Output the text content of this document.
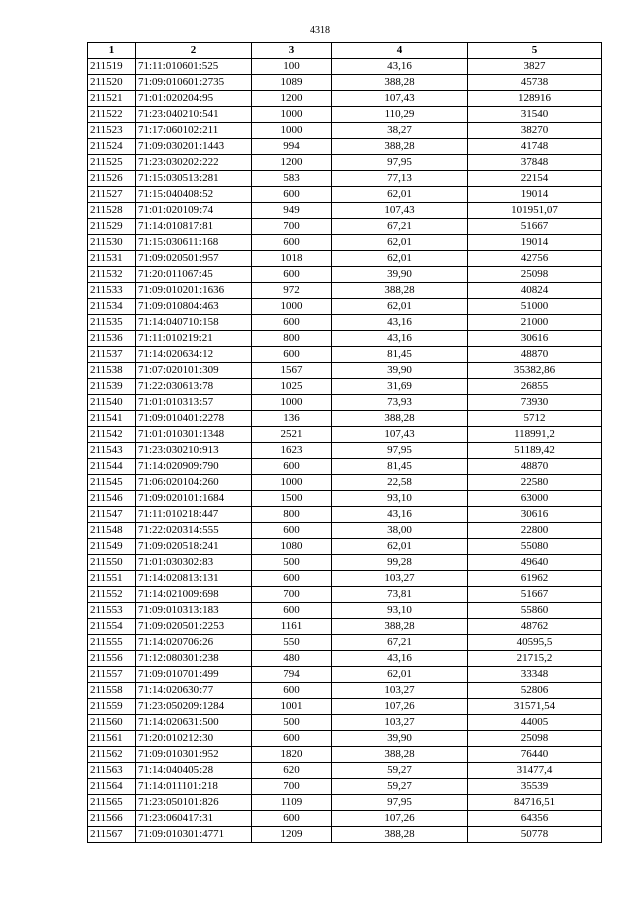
4318
1	2	3	4	5
211519	71:11:010601:525	100	43,16	3827
211520	71:09:010601:2735	1089	388,28	45738
211521	71:01:020204:95	1200	107,43	128916
211522	71:23:040210:541	1000	110,29	31540
211523	71:17:060102:211	1000	38,27	38270
211524	71:09:030201:1443	994	388,28	41748
211525	71:23:030202:222	1200	97,95	37848
211526	71:15:030513:281	583	77,13	22154
211527	71:15:040408:52	600	62,01	19014
211528	71:01:020109:74	949	107,43	101951,07
211529	71:14:010817:81	700	67,21	51667
211530	71:15:030611:168	600	62,01	19014
211531	71:09:020501:957	1018	62,01	42756
211532	71:20:011067:45	600	39,90	25098
211533	71:09:010201:1636	972	388,28	40824
211534	71:09:010804:463	1000	62,01	51000
211535	71:14:040710:158	600	43,16	21000
211536	71:11:010219:21	800	43,16	30616
211537	71:14:020634:12	600	81,45	48870
211538	71:07:020101:309	1567	39,90	35382,86
211539	71:22:030613:78	1025	31,69	26855
211540	71:01:010313:57	1000	73,93	73930
211541	71:09:010401:2278	136	388,28	5712
211542	71:01:010301:1348	2521	107,43	118991,2
211543	71:23:030210:913	1623	97,95	51189,42
211544	71:14:020909:790	600	81,45	48870
211545	71:06:020104:260	1000	22,58	22580
211546	71:09:020101:1684	1500	93,10	63000
211547	71:11:010218:447	800	43,16	30616
211548	71:22:020314:555	600	38,00	22800
211549	71:09:020518:241	1080	62,01	55080
211550	71:01:030302:83	500	99,28	49640
211551	71:14:020813:131	600	103,27	61962
211552	71:14:021009:698	700	73,81	51667
211553	71:09:010313:183	600	93,10	55860
211554	71:09:020501:2253	1161	388,28	48762
211555	71:14:020706:26	550	67,21	40595,5
211556	71:12:080301:238	480	43,16	21715,2
211557	71:09:010701:499	794	62,01	33348
211558	71:14:020630:77	600	103,27	52806
211559	71:23:050209:1284	1001	107,26	31571,54
211560	71:14:020631:500	500	103,27	44005
211561	71:20:010212:30	600	39,90	25098
211562	71:09:010301:952	1820	388,28	76440
211563	71:14:040405:28	620	59,27	31477,4
211564	71:14:011101:218	700	59,27	35539
211565	71:23:050101:826	1109	97,95	84716,51
211566	71:23:060417:31	600	107,26	64356
211567	71:09:010301:4771	1209	388,28	50778
